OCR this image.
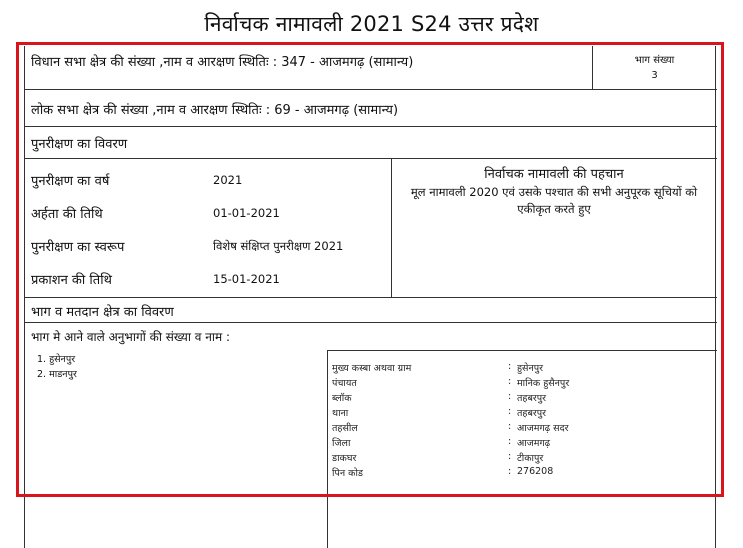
निर्वाचक नामावली 2021 S24 उत्तर प्रदेश
विधान सभा क्षेत्र की संख्या ,नाम व आरक्षण स्थितिः : 347 - आजमगढ़ (सामान्य)	भाग संख्या
3
लोक सभा क्षेत्र की संख्या ,नाम व आरक्षण स्थितिः : 69 - आजमगढ़ (सामान्य)
पुनरीक्षण का विवरण
पुनरीक्षण का वर्ष	2021
अर्हता की तिथि	01-01-2021
पुनरीक्षण का स्वरूप	विशेष संक्षिप्त पुनरीक्षण 2021
प्रकाशन की तिथि	15-01-2021
निर्वाचक नामावली की पहचान
मूल नामावली 2020 एवं उसके पश्चात की सभी अनुपूरक सूचियों को एकीकृत करते हुए
भाग व मतदान क्षेत्र का विवरण
भाग मे आने वाले अनुभागों की संख्या व नाम :
1. हुसेनपुर
2. माडनपुर
मुख्य कस्बा अथवा ग्राम	: हुसेनपुर
पंचायत	: मानिक हुसैनपुर
ब्लॉक	: तहबरपुर
थाना	: तहबरपुर
तहसील	: आजमगढ़ सदर
जिला	: आजमगढ़
डाकघर	: टीकापुर
पिन कोड	: 276208
